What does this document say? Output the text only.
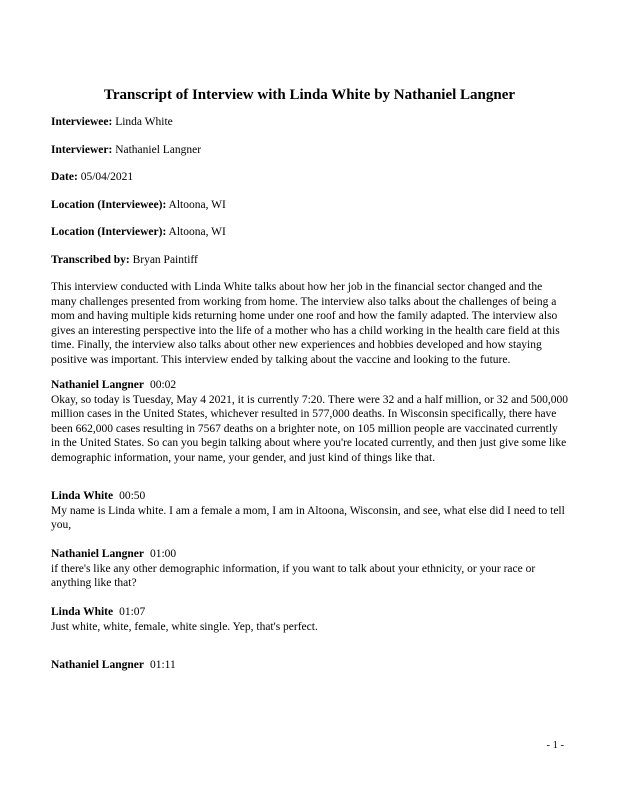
Transcript of Interview with Linda White by Nathaniel Langner

Interviewee: Linda White

Interviewer: Nathaniel Langner

Date: 05/04/2021

Location (Interviewee): Altoona, WI

Location (Interviewer): Altoona, WI

Transcribed by: Bryan Paintiff

This interview conducted with Linda White talks about how her job in the financial sector changed and the many challenges presented from working from home. The interview also talks about the challenges of being a mom and having multiple kids returning home under one roof and how the family adapted. The interview also gives an interesting perspective into the life of a mother who has a child working in the health care field at this time. Finally, the interview also talks about other new experiences and hobbies developed and how staying positive was important. This interview ended by talking about the vaccine and looking to the future.

Nathaniel Langner 00:02

Okay, so today is Tuesday, May 4 2021, it is currently 7:20. There were 32 and a half million, or 32 and 500,000 million cases in the United States, whichever resulted in 577,000 deaths. In Wisconsin specifically, there have been 662,000 cases resulting in 7567 deaths on a brighter note, on 105 million people are vaccinated currently in the United States. So can you begin talking about where you're located currently, and then just give some like demographic information, your name, your gender, and just kind of things like that.

Linda White 00:50

My name is Linda white. I am a female a mom, I am in Altoona, Wisconsin, and see, what else did I need to tell you,

Nathaniel Langner 01:00

if there's like any other demographic information, if you want to talk about your ethnicity, or your race or anything like that?

Linda White 01:07

Just white, white, female, white single. Yep, that's perfect.

Nathaniel Langner 01:11

- 1 -
